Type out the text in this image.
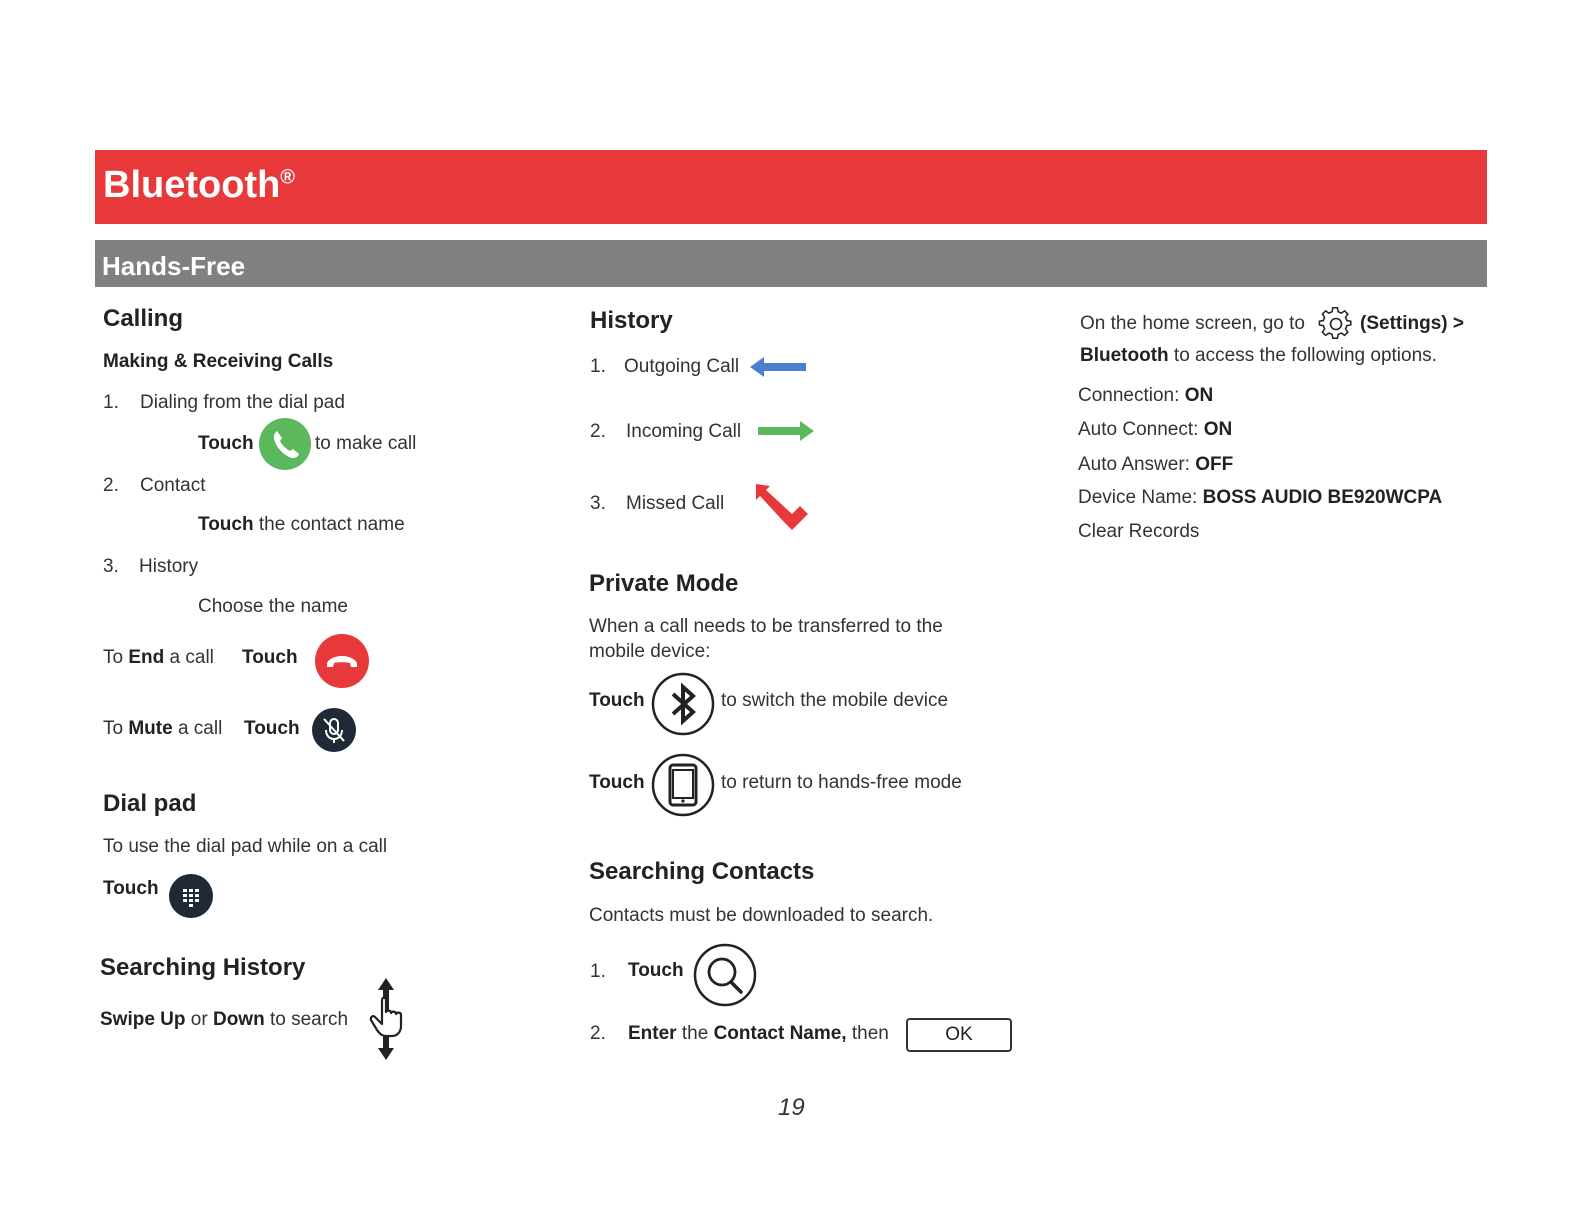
Bluetooth®
Hands-Free
Calling
Making & Receiving Calls
1. Dialing from the dial pad
Touch	to make call
2. Contact
Touch the contact name
3. History
Choose the name
To End a call Touch
To Mute a call Touch
Dial pad
To use the dial pad while on a call
Touch
Searching History
Swipe Up or Down to search
History
1. Outgoing Call
2. Incoming Call
3. Missed Call
Private Mode
When a call needs to be transferred to the
mobile device:
Touch	to switch the mobile device
Touch	to return to hands-free mode
Searching Contacts
Contacts must be downloaded to search.
1. Touch
2. Enter the Contact Name, then	OK
On the home screen, go to	(Settings) >
Bluetooth to access the following options.
Connection: ON
Auto Connect: ON
Auto Answer: OFF
Device Name: BOSS AUDIO BE920WCPA
Clear Records
19
